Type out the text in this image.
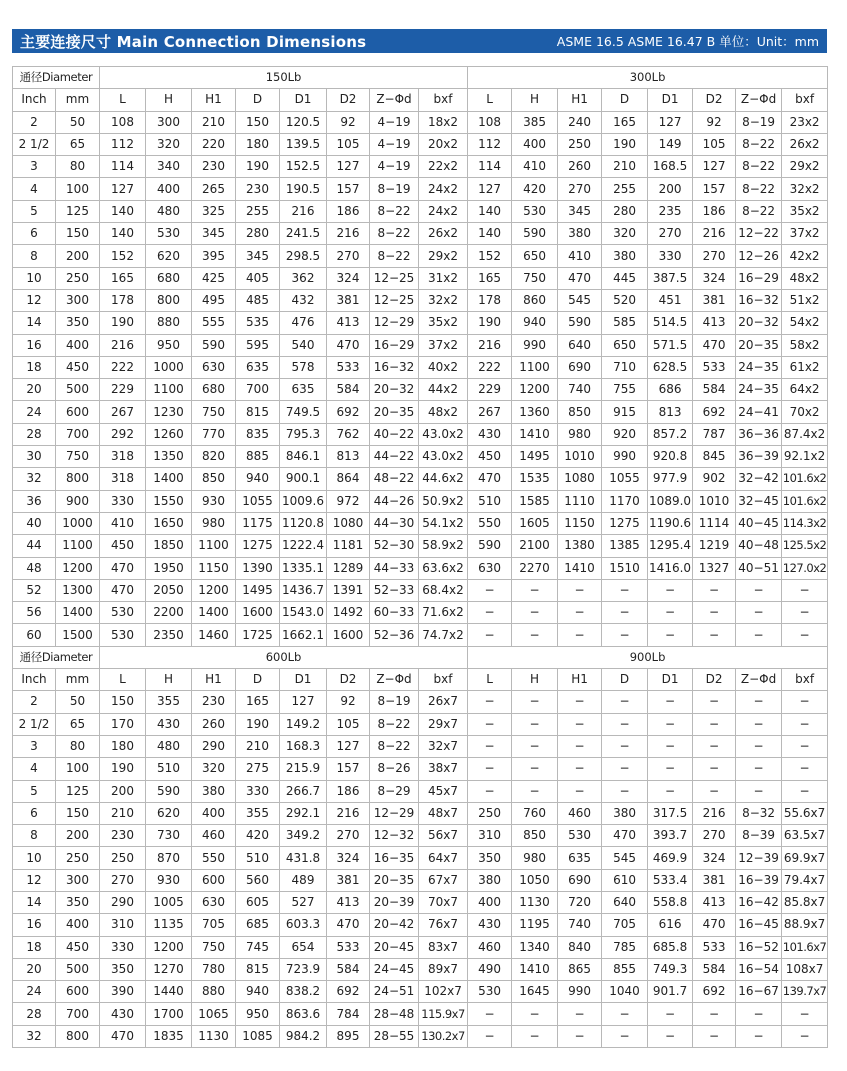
主要连接尺寸 Main Connection Dimensions	ASME 16.5 ASME 16.47 B 单位：Unit：mm
通径Diameter		150Lb								300Lb							
Inch	mm	L	H	H1	D	D1	D2	Z−Φd	bxf	L	H	H1	D	D1	D2	Z−Φd	bxf
2	50	108	300	210	150	120.5	92	4−19	18x2	108	385	240	165	127	92	8−19	23x2
2 1/2	65	112	320	220	180	139.5	105	4−19	20x2	112	400	250	190	149	105	8−22	26x2
3	80	114	340	230	190	152.5	127	4−19	22x2	114	410	260	210	168.5	127	8−22	29x2
4	100	127	400	265	230	190.5	157	8−19	24x2	127	420	270	255	200	157	8−22	32x2
5	125	140	480	325	255	216	186	8−22	24x2	140	530	345	280	235	186	8−22	35x2
6	150	140	530	345	280	241.5	216	8−22	26x2	140	590	380	320	270	216	12−22	37x2
8	200	152	620	395	345	298.5	270	8−22	29x2	152	650	410	380	330	270	12−26	42x2
10	250	165	680	425	405	362	324	12−25	31x2	165	750	470	445	387.5	324	16−29	48x2
12	300	178	800	495	485	432	381	12−25	32x2	178	860	545	520	451	381	16−32	51x2
14	350	190	880	555	535	476	413	12−29	35x2	190	940	590	585	514.5	413	20−32	54x2
16	400	216	950	590	595	540	470	16−29	37x2	216	990	640	650	571.5	470	20−35	58x2
18	450	222	1000	630	635	578	533	16−32	40x2	222	1100	690	710	628.5	533	24−35	61x2
20	500	229	1100	680	700	635	584	20−32	44x2	229	1200	740	755	686	584	24−35	64x2
24	600	267	1230	750	815	749.5	692	20−35	48x2	267	1360	850	915	813	692	24−41	70x2
28	700	292	1260	770	835	795.3	762	40−22	43.0x2	430	1410	980	920	857.2	787	36−36	87.4x2
30	750	318	1350	820	885	846.1	813	44−22	43.0x2	450	1495	1010	990	920.8	845	36−39	92.1x2
32	800	318	1400	850	940	900.1	864	48−22	44.6x2	470	1535	1080	1055	977.9	902	32−42	101.6x2
36	900	330	1550	930	1055	1009.6	972	44−26	50.9x2	510	1585	1110	1170	1089.0	1010	32−45	101.6x2
40	1000	410	1650	980	1175	1120.8	1080	44−30	54.1x2	550	1605	1150	1275	1190.6	1114	40−45	114.3x2
44	1100	450	1850	1100	1275	1222.4	1181	52−30	58.9x2	590	2100	1380	1385	1295.4	1219	40−48	125.5x2
48	1200	470	1950	1150	1390	1335.1	1289	44−33	63.6x2	630	2270	1410	1510	1416.0	1327	40−51	127.0x2
52	1300	470	2050	1200	1495	1436.7	1391	52−33	68.4x2	−	−	−	−	−	−	−	−
56	1400	530	2200	1400	1600	1543.0	1492	60−33	71.6x2	−	−	−	−	−	−	−	−
60	1500	530	2350	1460	1725	1662.1	1600	52−36	74.7x2	−	−	−	−	−	−	−	−
通径Diameter		600Lb								900Lb							
Inch	mm	L	H	H1	D	D1	D2	Z−Φd	bxf	L	H	H1	D	D1	D2	Z−Φd	bxf
2	50	150	355	230	165	127	92	8−19	26x7	−	−	−	−	−	−	−	−
2 1/2	65	170	430	260	190	149.2	105	8−22	29x7	−	−	−	−	−	−	−	−
3	80	180	480	290	210	168.3	127	8−22	32x7	−	−	−	−	−	−	−	−
4	100	190	510	320	275	215.9	157	8−26	38x7	−	−	−	−	−	−	−	−
5	125	200	590	380	330	266.7	186	8−29	45x7	−	−	−	−	−	−	−	−
6	150	210	620	400	355	292.1	216	12−29	48x7	250	760	460	380	317.5	216	8−32	55.6x7
8	200	230	730	460	420	349.2	270	12−32	56x7	310	850	530	470	393.7	270	8−39	63.5x7
10	250	250	870	550	510	431.8	324	16−35	64x7	350	980	635	545	469.9	324	12−39	69.9x7
12	300	270	930	600	560	489	381	20−35	67x7	380	1050	690	610	533.4	381	16−39	79.4x7
14	350	290	1005	630	605	527	413	20−39	70x7	400	1130	720	640	558.8	413	16−42	85.8x7
16	400	310	1135	705	685	603.3	470	20−42	76x7	430	1195	740	705	616	470	16−45	88.9x7
18	450	330	1200	750	745	654	533	20−45	83x7	460	1340	840	785	685.8	533	16−52	101.6x7
20	500	350	1270	780	815	723.9	584	24−45	89x7	490	1410	865	855	749.3	584	16−54	108x7
24	600	390	1440	880	940	838.2	692	24−51	102x7	530	1645	990	1040	901.7	692	16−67	139.7x7
28	700	430	1700	1065	950	863.6	784	28−48	115.9x7	−	−	−	−	−	−	−	−
32	800	470	1835	1130	1085	984.2	895	28−55	130.2x7	−	−	−	−	−	−	−	−
